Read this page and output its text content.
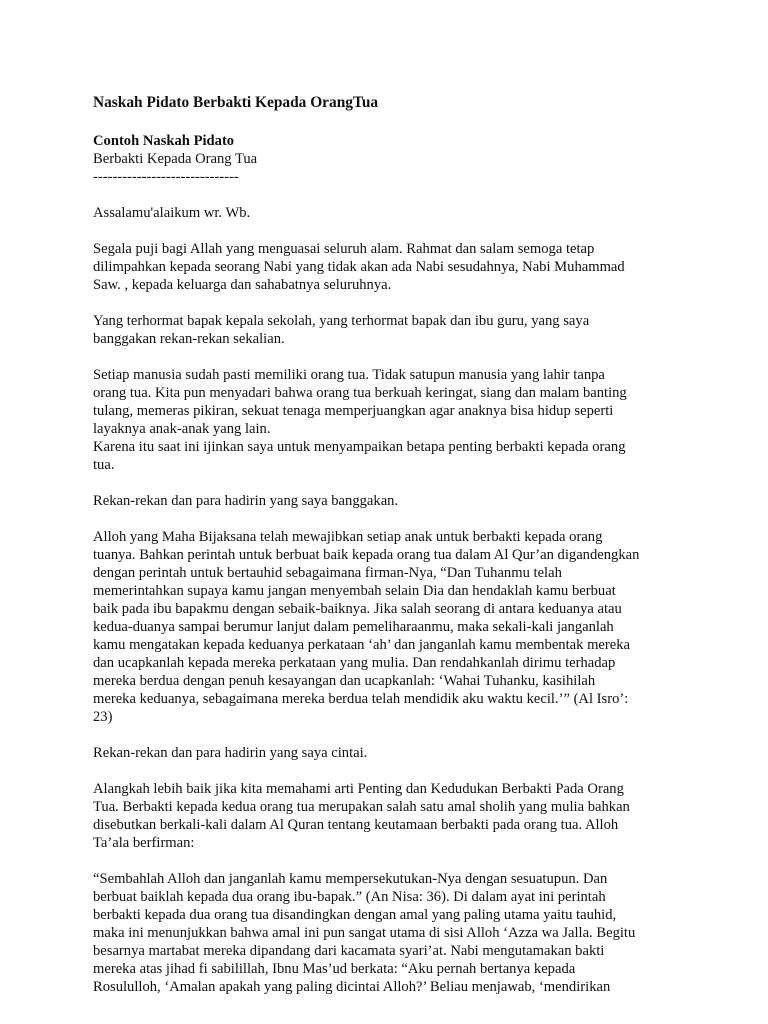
Naskah Pidato Berbakti Kepada OrangTua
Contoh Naskah Pidato
Berbakti Kepada Orang Tua
------------------------------
Assalamu'alaikum wr. Wb.
Segala puji bagi Allah yang menguasai seluruh alam. Rahmat dan salam semoga tetap
dilimpahkan kepada seorang Nabi yang tidak akan ada Nabi sesudahnya, Nabi Muhammad
Saw. , kepada keluarga dan sahabatnya seluruhnya.
Yang terhormat bapak kepala sekolah, yang terhormat bapak dan ibu guru, yang saya
banggakan rekan-rekan sekalian.
Setiap manusia sudah pasti memiliki orang tua. Tidak satupun manusia yang lahir tanpa
orang tua. Kita pun menyadari bahwa orang tua berkuah keringat, siang dan malam banting
tulang, memeras pikiran, sekuat tenaga memperjuangkan agar anaknya bisa hidup seperti
layaknya anak-anak yang lain.
Karena itu saat ini ijinkan saya untuk menyampaikan betapa penting berbakti kepada orang
tua.
Rekan-rekan dan para hadirin yang saya banggakan.
Alloh yang Maha Bijaksana telah mewajibkan setiap anak untuk berbakti kepada orang
tuanya. Bahkan perintah untuk berbuat baik kepada orang tua dalam Al Qur’an digandengkan
dengan perintah untuk bertauhid sebagaimana firman-Nya, “Dan Tuhanmu telah
memerintahkan supaya kamu jangan menyembah selain Dia dan hendaklah kamu berbuat
baik pada ibu bapakmu dengan sebaik-baiknya. Jika salah seorang di antara keduanya atau
kedua-duanya sampai berumur lanjut dalam pemeliharaanmu, maka sekali-kali janganlah
kamu mengatakan kepada keduanya perkataan ‘ah’ dan janganlah kamu membentak mereka
dan ucapkanlah kepada mereka perkataan yang mulia. Dan rendahkanlah dirimu terhadap
mereka berdua dengan penuh kesayangan dan ucapkanlah: ‘Wahai Tuhanku, kasihilah
mereka keduanya, sebagaimana mereka berdua telah mendidik aku waktu kecil.’” (Al Isro’:
23)
Rekan-rekan dan para hadirin yang saya cintai.
Alangkah lebih baik jika kita memahami arti Penting dan Kedudukan Berbakti Pada Orang
Tua. Berbakti kepada kedua orang tua merupakan salah satu amal sholih yang mulia bahkan
disebutkan berkali-kali dalam Al Quran tentang keutamaan berbakti pada orang tua. Alloh
Ta’ala berfirman:
“Sembahlah Alloh dan janganlah kamu mempersekutukan-Nya dengan sesuatupun. Dan
berbuat baiklah kepada dua orang ibu-bapak.” (An Nisa: 36). Di dalam ayat ini perintah
berbakti kepada dua orang tua disandingkan dengan amal yang paling utama yaitu tauhid,
maka ini menunjukkan bahwa amal ini pun sangat utama di sisi Alloh ‘Azza wa Jalla. Begitu
besarnya martabat mereka dipandang dari kacamata syari’at. Nabi mengutamakan bakti
mereka atas jihad fi sabilillah, Ibnu Mas’ud berkata: “Aku pernah bertanya kepada
Rosululloh, ‘Amalan apakah yang paling dicintai Alloh?’ Beliau menjawab, ‘mendirikan
